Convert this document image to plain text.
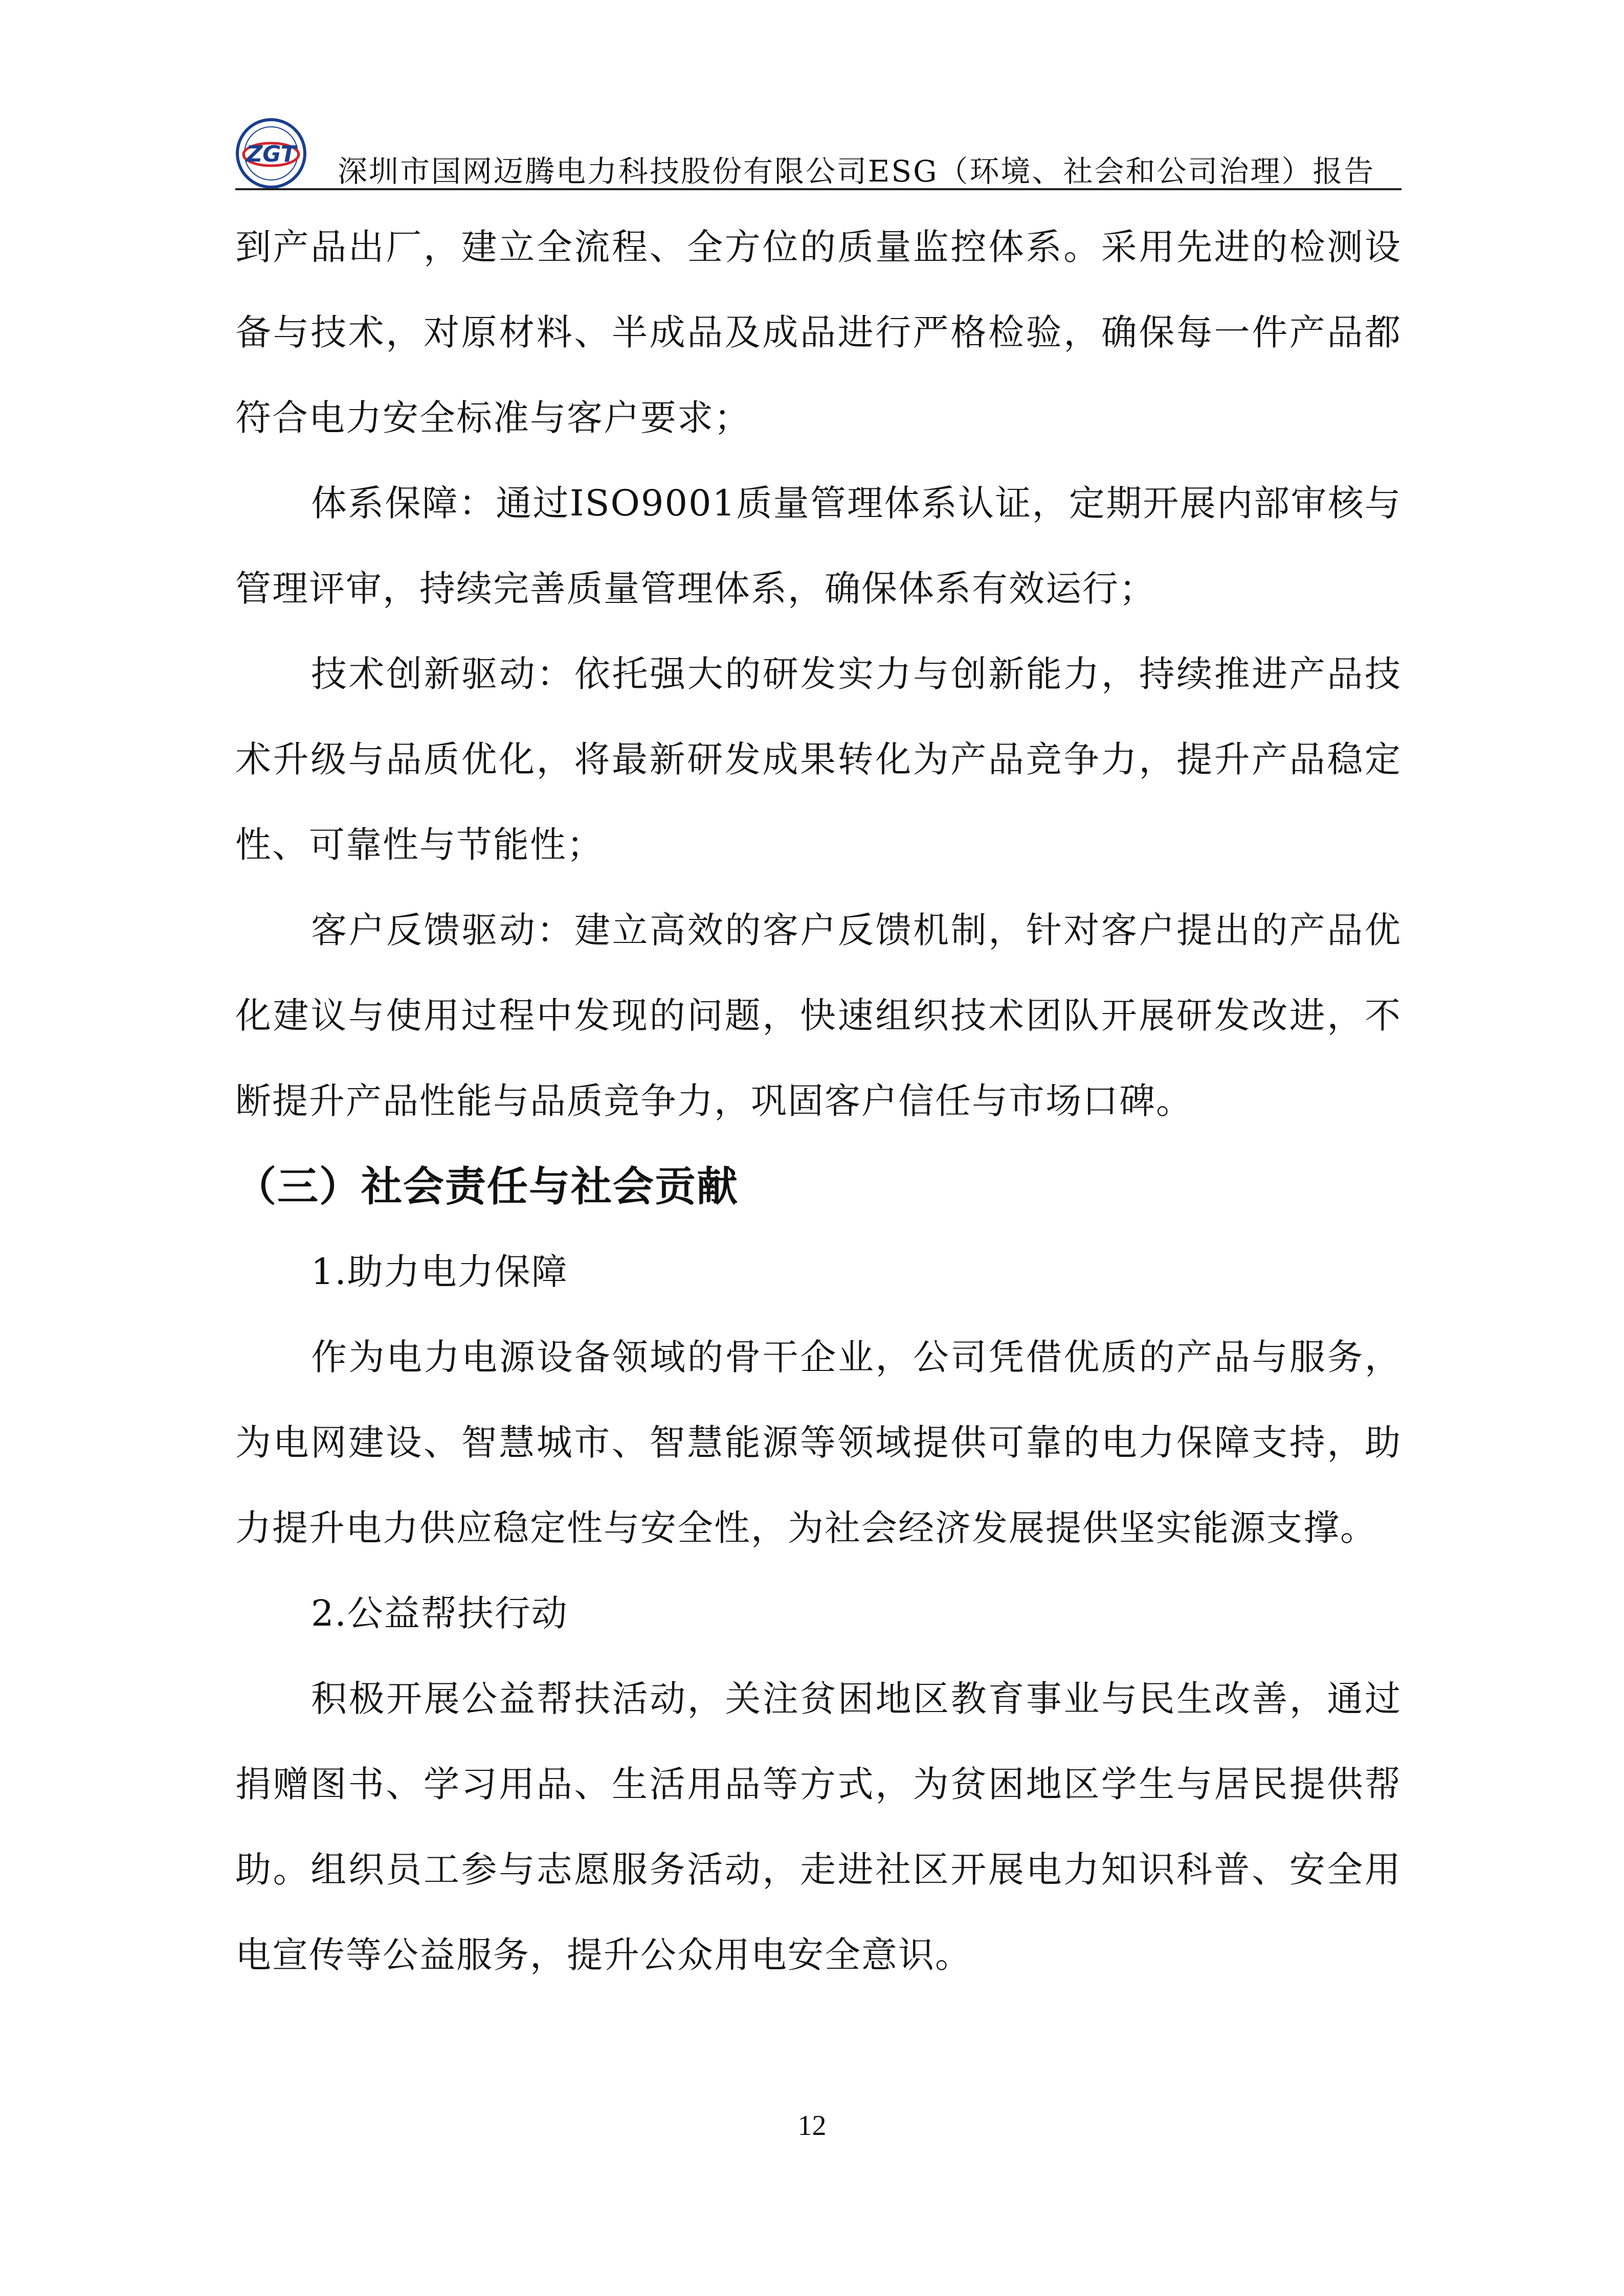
ZGT 深圳市国网迈腾电力科技股份有限公司ESG（环境、社会和公司治理）报告

到产品出厂，建立全流程、全方位的质量监控体系。采用先进的检测设备与技术，对原材料、半成品及成品进行严格检验，确保每一件产品都符合电力安全标准与客户要求；

体系保障：通过ISO9001质量管理体系认证，定期开展内部审核与管理评审，持续完善质量管理体系，确保体系有效运行；

技术创新驱动：依托强大的研发实力与创新能力，持续推进产品技术升级与品质优化，将最新研发成果转化为产品竞争力，提升产品稳定性、可靠性与节能性；

客户反馈驱动：建立高效的客户反馈机制，针对客户提出的产品优化建议与使用过程中发现的问题，快速组织技术团队开展研发改进，不断提升产品性能与品质竞争力，巩固客户信任与市场口碑。

（三）社会责任与社会贡献

1.助力电力保障

作为电力电源设备领域的骨干企业，公司凭借优质的产品与服务，为电网建设、智慧城市、智慧能源等领域提供可靠的电力保障支持，助力提升电力供应稳定性与安全性，为社会经济发展提供坚实能源支撑。

2.公益帮扶行动

积极开展公益帮扶活动，关注贫困地区教育事业与民生改善，通过捐赠图书、学习用品、生活用品等方式，为贫困地区学生与居民提供帮助。组织员工参与志愿服务活动，走进社区开展电力知识科普、安全用电宣传等公益服务，提升公众用电安全意识。

12
